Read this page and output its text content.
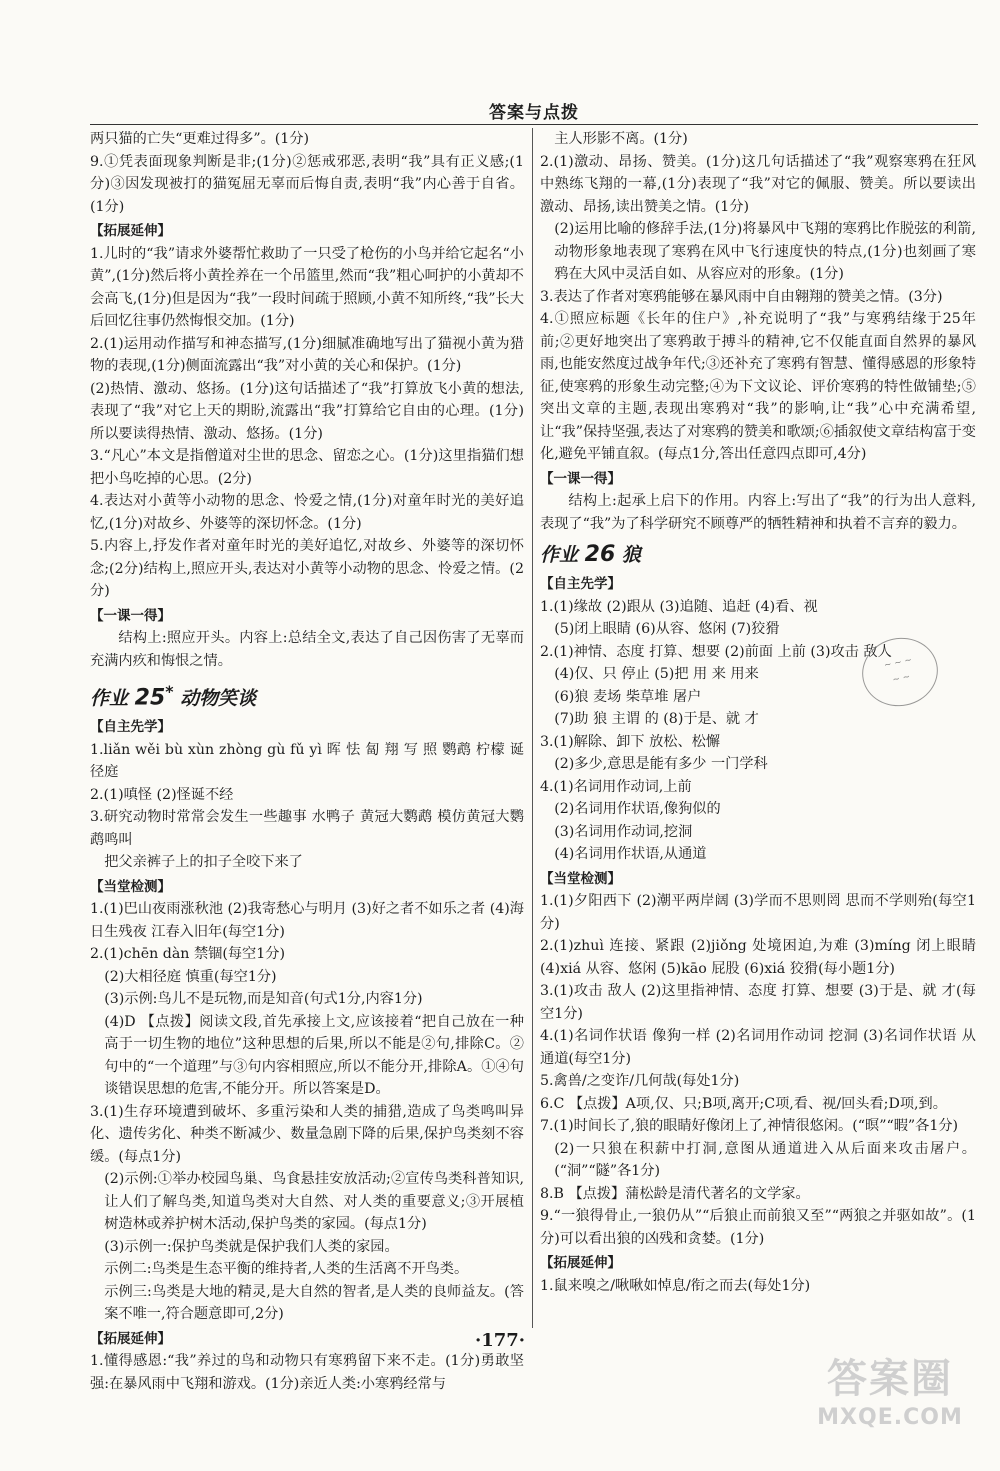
答案与点拨

两只猫的亡失“更难过得多”。(1分)

9.①凭表面现象判断是非;(1分)②惩戒邪恶,表明“我”具有正义感;(1分)③因发现被打的猫冤屈无辜而后悔自责,表明“我”内心善于自省。(1分)

【拓展延伸】

1.儿时的“我”请求外婆帮忙救助了一只受了枪伤的小鸟并给它起名“小黄”,(1分)然后将小黄拴养在一个吊篮里,然而“我”粗心呵护的小黄却不会高飞,(1分)但是因为“我”一段时间疏于照顾,小黄不知所终,“我”长大后回忆往事仍然悔恨交加。(1分)

2.(1)运用动作描写和神态描写,(1分)细腻准确地写出了猫视小黄为猎物的表现,(1分)侧面流露出“我”对小黄的关心和保护。(1分)

(2)热情、激动、悠扬。(1分)这句话描述了“我”打算放飞小黄的想法,表现了“我”对它上天的期盼,流露出“我”打算给它自由的心理。(1分)所以要读得热情、激动、悠扬。(1分)

3.“凡心”本文是指僧道对尘世的思念、留恋之心。(1分)这里指猫们想把小鸟吃掉的心思。(2分)

4.表达对小黄等小动物的思念、怜爱之情,(1分)对童年时光的美好追忆,(1分)对故乡、外婆等的深切怀念。(1分)

5.内容上,抒发作者对童年时光的美好追忆,对故乡、外婆等的深切怀念;(2分)结构上,照应开头,表达对小黄等小动物的思念、怜爱之情。(2分)

【一课一得】

结构上:照应开头。内容上:总结全文,表达了自己因伤害了无辜而充满内疚和悔恨之情。

作业 25* 动物笑谈

【自主先学】

1.liǎn wěi bù xùn zhòng gù fǔ yì 晖 怯 匐 翔 写 照 鹦鹉 柠檬 诞 径庭

2.(1)嗔怪 (2)怪诞不经

3.研究动物时常常会发生一些趣事 水鸭子 黄冠大鹦鹉 模仿黄冠大鹦鹉鸣叫

把父亲裤子上的扣子全咬下来了

【当堂检测】

1.(1)巴山夜雨涨秋池 (2)我寄愁心与明月 (3)好之者不如乐之者 (4)海日生残夜 江春入旧年(每空1分)

2.(1)chēn dàn 禁锢(每空1分)

(2)大相径庭 慎重(每空1分)

(3)示例:鸟儿不是玩物,而是知音(句式1分,内容1分)

(4)D 【点拨】阅读文段,首先承接上文,应该接着“把自己放在一种高于一切生物的地位”这种思想的后果,所以不能是②句,排除C。②句中的“一个道理”与③句内容相照应,所以不能分开,排除A。①④句谈错误思想的危害,不能分开。所以答案是D。

3.(1)生存环境遭到破坏、多重污染和人类的捕猎,造成了鸟类鸣叫异化、遗传劣化、种类不断减少、数量急剧下降的后果,保护鸟类刻不容缓。(每点1分)

(2)示例:①举办校园鸟巢、鸟食悬挂安放活动;②宣传鸟类科普知识,让人们了解鸟类,知道鸟类对大自然、对人类的重要意义;③开展植树造林或养护树木活动,保护鸟类的家园。(每点1分)

(3)示例一:保护鸟类就是保护我们人类的家园。

示例二:鸟类是生态平衡的维持者,人类的生活离不开鸟类。

示例三:鸟类是大地的精灵,是大自然的智者,是人类的良师益友。(答案不唯一,符合题意即可,2分)

【拓展延伸】

1.懂得感恩:“我”养过的鸟和动物只有寒鸦留下来不走。(1分)勇敢坚强:在暴风雨中飞翔和游戏。(1分)亲近人类:小寒鸦经常与

主人形影不离。(1分)

2.(1)激动、昂扬、赞美。(1分)这几句话描述了“我”观察寒鸦在狂风中熟练飞翔的一幕,(1分)表现了“我”对它的佩服、赞美。所以要读出激动、昂扬,读出赞美之情。(1分)

(2)运用比喻的修辞手法,(1分)将暴风中飞翔的寒鸦比作脱弦的利箭,动物形象地表现了寒鸦在风中飞行速度快的特点,(1分)也刻画了寒鸦在大风中灵活自如、从容应对的形象。(1分)

3.表达了作者对寒鸦能够在暴风雨中自由翱翔的赞美之情。(3分)

4.①照应标题《长年的住户》,补充说明了“我”与寒鸦结缘于25年前;②更好地突出了寒鸦敢于搏斗的精神,它不仅能直面自然界的暴风雨,也能安然度过战争年代;③还补充了寒鸦有智慧、懂得感恩的形象特征,使寒鸦的形象生动完整;④为下文议论、评价寒鸦的特性做铺垫;⑤突出文章的主题,表现出寒鸦对“我”的影响,让“我”心中充满希望,让“我”保持坚强,表达了对寒鸦的赞美和歌颂;⑥插叙使文章结构富于变化,避免平铺直叙。(每点1分,答出任意四点即可,4分)

【一课一得】

结构上:起承上启下的作用。内容上:写出了“我”的行为出人意料,表现了“我”为了科学研究不顾尊严的牺牲精神和执着不言弃的毅力。

作业 26 狼

【自主先学】

1.(1)缘故 (2)跟从 (3)追随、追赶 (4)看、视

(5)闭上眼睛 (6)从容、悠闲 (7)狡猾

2.(1)神情、态度 打算、想要 (2)前面 上前 (3)攻击 敌人

(4)仅、只 停止 (5)把 用 来 用来

(6)狼 麦场 柴草堆 屠户

(7)助 狼 主谓 的 (8)于是、就 才

3.(1)解除、卸下 放松、松懈

(2)多少,意思是能有多少 一门学科

4.(1)名词用作动词,上前

(2)名词用作状语,像狗似的

(3)名词用作动词,挖洞

(4)名词用作状语,从通道

【当堂检测】

1.(1)夕阳西下 (2)潮平两岸阔 (3)学而不思则罔 思而不学则殆(每空1分)

2.(1)zhuì 连接、紧跟 (2)jiǒng 处境困迫,为难 (3)míng 闭上眼睛 (4)xiá 从容、悠闲 (5)kāo 屁股 (6)xiá 狡猾(每小题1分)

3.(1)攻击 敌人 (2)这里指神情、态度 打算、想要 (3)于是、就 才(每空1分)

4.(1)名词作状语 像狗一样 (2)名词用作动词 挖洞 (3)名词作状语 从通道(每空1分)

5.禽兽/之变诈/几何哉(每处1分)

6.C 【点拨】A项,仅、只;B项,离开;C项,看、视/回头看;D项,到。

7.(1)时间长了,狼的眼睛好像闭上了,神情很悠闲。(“暝”“暇”各1分)

(2)一只狼在积薪中打洞,意图从通道进入从后面来攻击屠户。(“洞”“隧”各1分)

8.B 【点拨】蒲松龄是清代著名的文学家。

9.“一狼得骨止,一狼仍从”“后狼止而前狼又至”“两狼之并驱如故”。(1分)可以看出狼的凶残和贪婪。(1分)

【拓展延伸】

1.鼠来嗅之/啾啾如悼息/衔之而去(每处1分)

~ ~ ~
~ ~
·177·
答案圈
MXQE.COM
